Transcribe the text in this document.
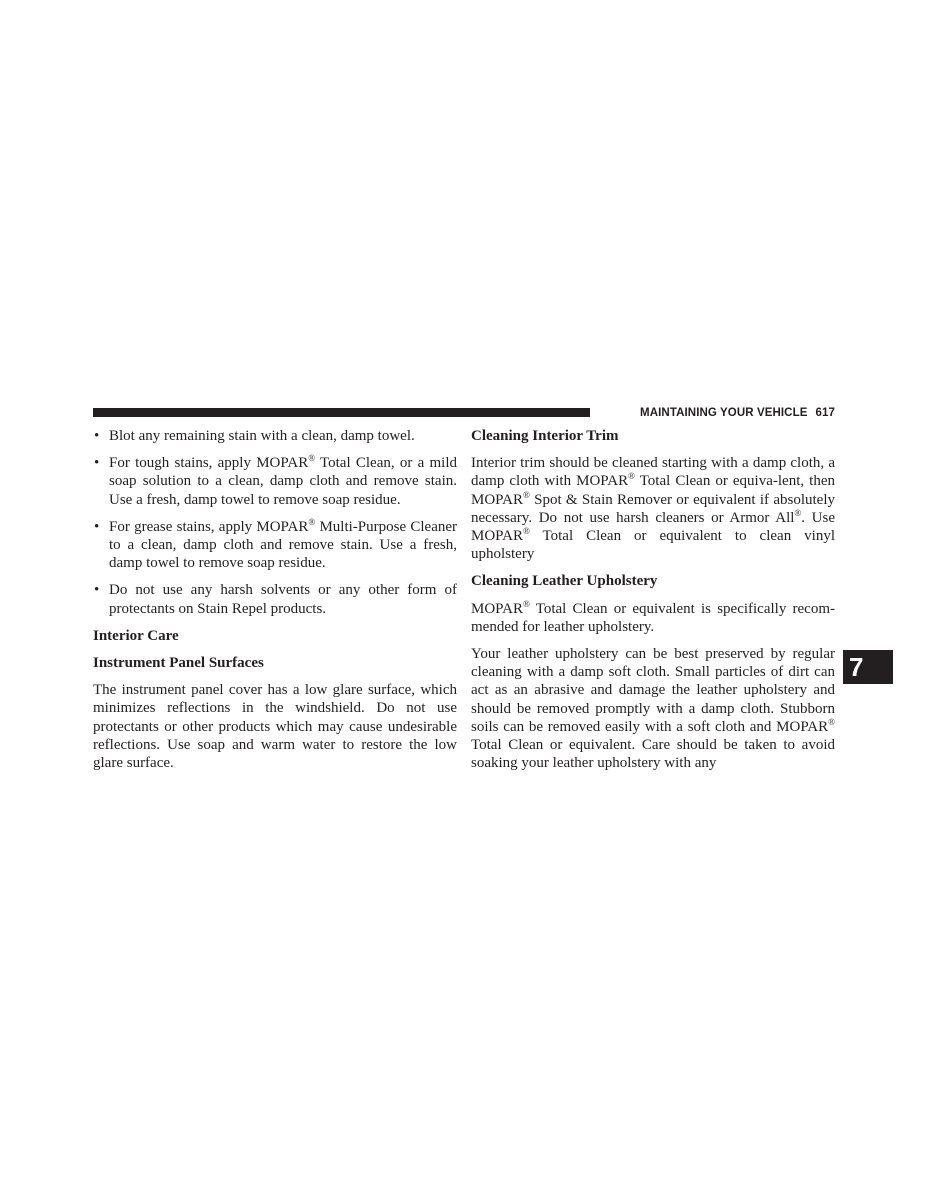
MAINTAINING YOUR VEHICLE 617
• Blot any remaining stain with a clean, damp towel.
• For tough stains, apply MOPAR® Total Clean, or a mild soap solution to a clean, damp cloth and remove stain. Use a fresh, damp towel to remove soap residue.
• For grease stains, apply MOPAR® Multi-Purpose Cleaner to a clean, damp cloth and remove stain. Use a fresh, damp towel to remove soap residue.
• Do not use any harsh solvents or any other form of protectants on Stain Repel products.
Interior Care
Instrument Panel Surfaces

The instrument panel cover has a low glare surface, which minimizes reflections in the windshield. Do not use protectants or other products which may cause undesirable reflections. Use soap and warm water to restore the low glare surface.

Cleaning Interior Trim

Interior trim should be cleaned starting with a damp cloth, a damp cloth with MOPAR® Total Clean or equiva-lent, then MOPAR® Spot & Stain Remover or equivalent if absolutely necessary. Do not use harsh cleaners or Armor All®. Use MOPAR® Total Clean or equivalent to clean vinyl upholstery

Cleaning Leather Upholstery

MOPAR® Total Clean or equivalent is specifically recom-mended for leather upholstery.

Your leather upholstery can be best preserved by regular cleaning with a damp soft cloth. Small particles of dirt can act as an abrasive and damage the leather upholstery and should be removed promptly with a damp cloth. Stubborn soils can be removed easily with a soft cloth and MOPAR® Total Clean or equivalent. Care should be taken to avoid soaking your leather upholstery with any

7
